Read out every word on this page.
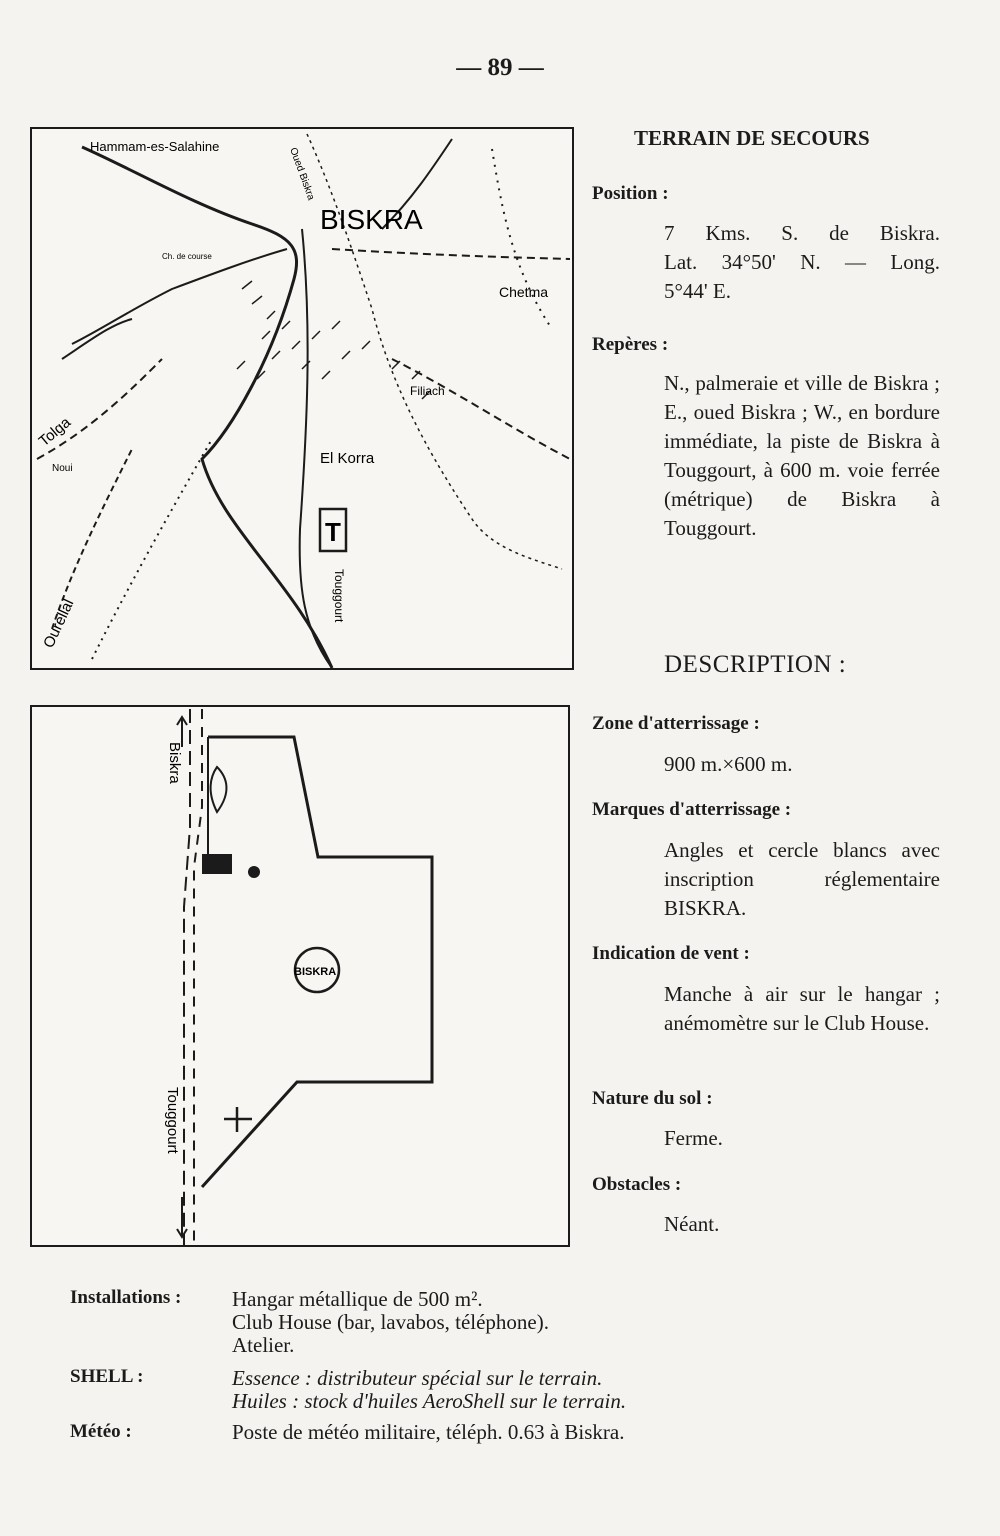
— 89 —
T
Hammam-es-Salahine
Ch. de course
BISKRA
Chetma
Filiach
El Korra
Tolga
Noui
Oued Biskra
Ourellal
Touggourt
Biskra
Touggourt
BISKRA
TERRAIN DE SECOURS
Position :
7 Kms. S. de Biskra.
Lat. 34°50' N. — Long.
5°44' E.
Repères :
N., palmeraie et ville de Biskra ; E., oued Biskra ; W., en bordure immédiate, la piste de Biskra à Touggourt, à 600 m. voie ferrée (métrique) de Biskra à Touggourt.
DESCRIPTION :
Zone d'atterrissage :
900 m.×600 m.
Marques d'atterrissage :
Angles et cercle blancs avec inscription réglementaire BISKRA.
Indication de vent :
Manche à air sur le hangar ; anémomètre sur le Club House.
Nature du sol :
Ferme.
Obstacles :
Néant.
Installations : Hangar métallique de 500 m².
Club House (bar, lavabos, téléphone).
Atelier.
SHELL :	Essence : distributeur spécial sur le terrain.
Huiles : stock d'huiles AeroShell sur le terrain.
Météo :	Poste de météo militaire, téléph. 0.63 à Biskra.
